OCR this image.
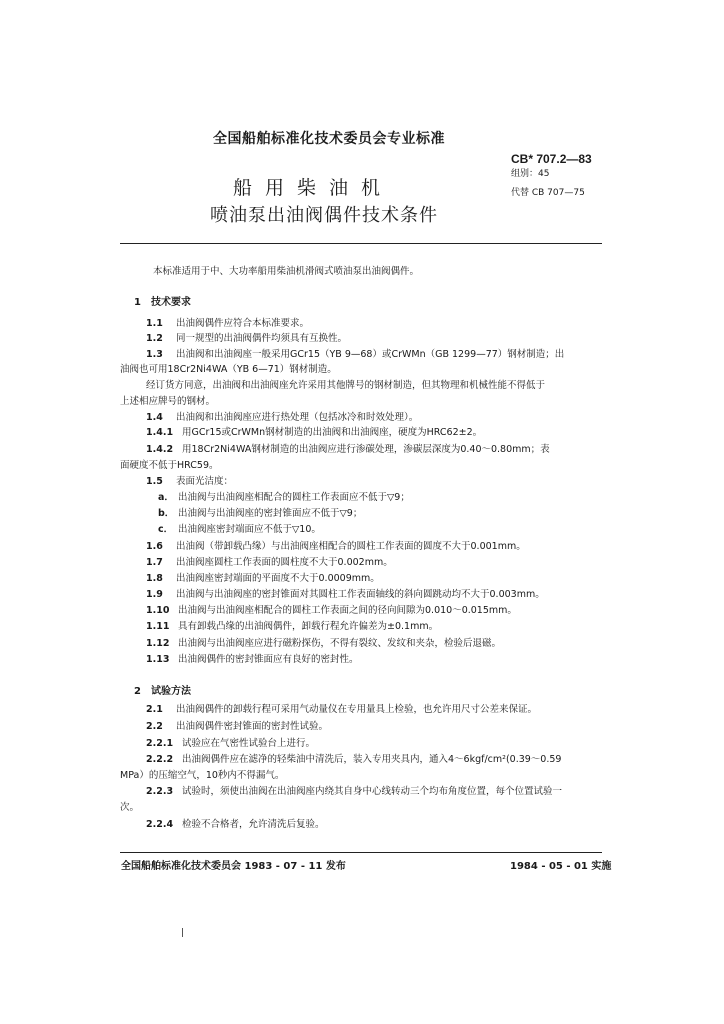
全国船舶标准化技术委员会专业标准
CB* 707.2—83
组别：45
代替 CB 707—75
船用柴油机
喷油泵出油阀偶件技术条件
本标准适用于中、大功率船用柴油机滑阀式喷油泵出油阀偶件。
1　技术要求
1.1 出油阀偶件应符合本标准要求。
1.2 同一规型的出油阀偶件均须具有互换性。
1.3 出油阀和出油阀座一般采用GCr15（YB 9—68）或CrWMn（GB 1299—77）钢材制造；出
油阀也可用18Cr2Ni4WA（YB 6—71）钢材制造。
经订货方同意，出油阀和出油阀座允许采用其他牌号的钢材制造，但其物理和机械性能不得低于
上述相应牌号的钢材。
1.4 出油阀和出油阀座应进行热处理（包括冰冷和时效处理）。
1.4.1 用GCr15或CrWMn钢材制造的出油阀和出油阀座，硬度为HRC62±2。
1.4.2 用18Cr2Ni4WA钢材制造的出油阀应进行渗碳处理，渗碳层深度为0.40～0.80mm；表
面硬度不低于HRC59。
1.5 表面光洁度：
a． 出油阀与出油阀座相配合的圆柱工作表面应不低于▽9；
b． 出油阀与出油阀座的密封锥面应不低于▽9；
c． 出油阀座密封端面应不低于▽10。
1.6 出油阀（带卸载凸缘）与出油阀座相配合的圆柱工作表面的圆度不大于0.001mm。
1.7 出油阀座圆柱工作表面的圆柱度不大于0.002mm。
1.8 出油阀座密封端面的平面度不大于0.0009mm。
1.9 出油阀与出油阀座的密封锥面对其圆柱工作表面轴线的斜向圆跳动均不大于0.003mm。
1.10 出油阀与出油阀座相配合的圆柱工作表面之间的径向间隙为0.010～0.015mm。
1.11 具有卸载凸缘的出油阀偶件，卸载行程允许偏差为±0.1mm。
1.12 出油阀与出油阀座应进行磁粉探伤，不得有裂纹、发纹和夹杂，检验后退磁。
1.13 出油阀偶件的密封锥面应有良好的密封性。
2　试验方法
2.1 出油阀偶件的卸载行程可采用气动量仪在专用量具上检验，也允许用尺寸公差来保证。
2.2 出油阀偶件密封锥面的密封性试验。
2.2.1 试验应在气密性试验台上进行。
2.2.2 出油阀偶件应在滤净的轻柴油中清洗后，装入专用夹具内，通入4～6kgf/cm²(0.39～0.59
MPa）的压缩空气，10秒内不得漏气。
2.2.3 试验时，须使出油阀在出油阀座内绕其自身中心线转动三个均布角度位置，每个位置试验一
次。
2.2.4 检验不合格者，允许清洗后复验。
全国船舶标准化技术委员会 1983 - 07 - 11 发布	1984 - 05 - 01 实施
